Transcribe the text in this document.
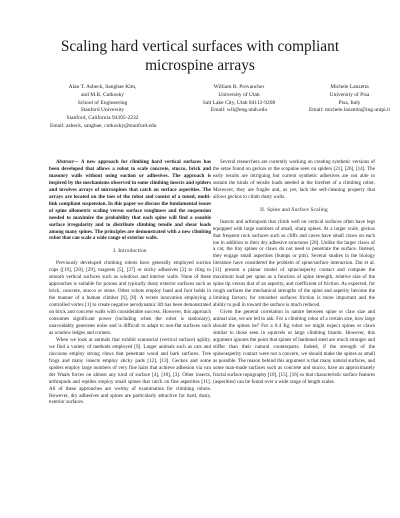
Scaling hard vertical surfaces with compliant
microspine arrays
Alan T. Asbeck, Sangbae Kim,
and M.R. Cutkosky
School of Engineering
Stanford University
Stanford, California 94305-2232
Email: asbeck, sangbae, cutkosky@stanford.edu
William R. Provancher
University of Utah
Salt Lake City, Utah 84112-9208
Email: wil@eng.utah.edu
Michele Lanzetta
University of Pisa
Pisa, Italy
Email: michele.lanzetta@ing.unipi.it

Abstract— A new approach for climbing hard vertical surfaces has been developed that allows a robot to scale concrete, stucco, brick and masonry walls without using suction or adhesives. The approach is inspired by the mechanisms observed in some climbing insects and spiders and involves arrays of microspines that catch on surface asperities. The arrays are located on the toes of the robot and consist of a tuned, multi-link compliant suspension. In this paper we discuss the fundamental issues of spine allometric scaling versus surface roughness and the suspension needed to maximize the probability that each spine will find a useable surface irregularity and to distribute climbing tensile and shear loads among many spines. The principles are demonstrated with a new climbing robot that can scale a wide range of exterior walls.

I. Introduction

Previously developed climbing robots have generally employed suction cups ([19], [20], [29], magnets [5], [27] or sticky adhesives [2] to cling to smooth vertical surfaces such as windows and interior walls. None of these approaches is suitable for porous and typically dusty exterior surfaces such as brick, concrete, stucco or stone. Other robots employ hand and foot holds in the manner of a human climber [6], [8]. A recent innovation employing a controlled vortex [1] to create negative aerodynamic lift has been demonstrated on brick and concrete walls with considerable success. However, this approach consumes significant power (including when the robot is stationary), unavoidably generates noise and is difficult to adapt to non-flat surfaces such as window ledges and corners.

When we look at animals that exhibit scansorial (vertical surface) agility, we find a variety of methods employed [9]. Larger animals such as cats and raccoons employ strong claws that penetrate wood and bark surfaces. Tree frogs and many insects employ sticky pads [12], [13]. Geckos and some spiders employ large numbers of very fine hairs that achieve adhesion via van der Waals forces on almost any kind of surface [4], [18], [3]. Other insects, arthropods and reptiles employ small spines that catch on fine asperities [11]. All of these approaches are worthy of examination for climbing robots. However, dry adhesives and spines are particularly attractive for hard, dusty, exterior surfaces.

Several researchers are currently working on creating synthetic versions of the setae found on geckos or the scopulae seen on spiders [21], [26], [14]. The early results are intriguing but current synthetic adhesives are not able to sustain the kinds of tensile loads needed at the forefeet of a climbing robot. Moreover, they are fragile and, as yet, lack the self-cleaning property that allows geckos to climb dusty walls.

II. Spine and Surface Scaling

Insects and arthropods that climb well on vertical surfaces often have legs equipped with large numbers of small, sharp spines. At a larger scale, geckos that frequent rock surfaces such as cliffs and caves have small claws on each toe in addition to their dry adhesive structures [28]. Unlike the larger claws of a cat, the tiny spines or claws do not need to penetrate the surface. Instead, they engage small asperities (bumps or pits). Several studies in the biology literature have considered the problem of spine/surface interaction. Dai et al. [11] present a planar model of spine/asperity contact and compute the maximum load per spine as a function of spine strength, relative size of the spine tip versus that of an asperity, and coefficient of friction. As expected, for rough surfaces the mechanical strengths of the spine and asperity become the limiting factors; for smoother surfaces friction is more important and the ability to pull in toward the surface is much reduced.

Given the general correlation in nature between spine or claw size and animal size, we are led to ask: For a climbing robot of a certain size, how large should the spines be? For a 0.4 Kg robot we might expect spines or claws similar to those seen in squirrels or large climbing lizards. However, this argument ignores the point that spines of hardened steel are much stronger and stiffer than their natural counterparts. Indeed, if the strength of the spine/asperity contact were not a concern, we should make the spines as small as possible. The reason behind this argument is that many natural surfaces, and some man-made surfaces such as concrete and stucco, have an approximately fractal surface topography [10], [15], [16] so that characteristic surface features (asperities) can be found over a wide range of length scales.
